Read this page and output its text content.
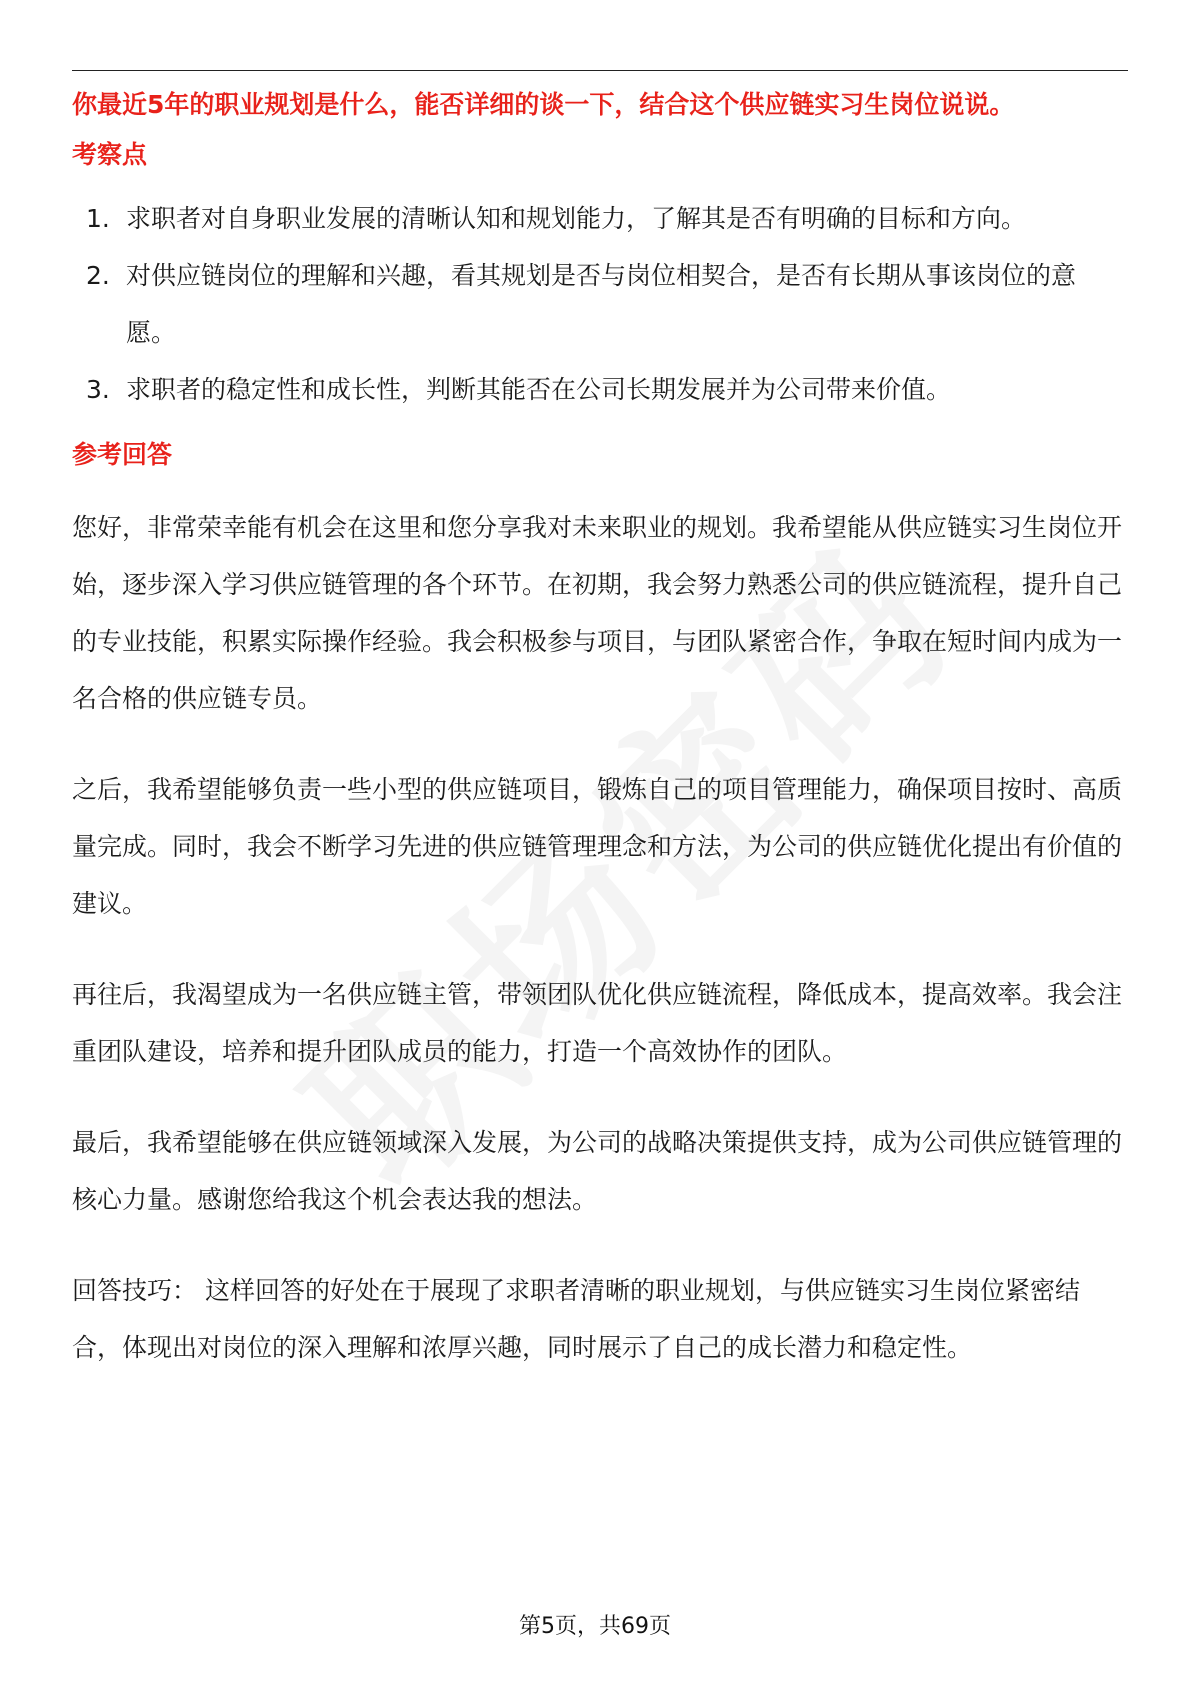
你最近5年的职业规划是什么，能否详细的谈一下，结合这个供应链实习生岗位说说。

考察点
1. 求职者对自身职业发展的清晰认知和规划能力，了解其是否有明确的目标和方向。
2. 对供应链岗位的理解和兴趣，看其规划是否与岗位相契合，是否有长期从事该岗位的意愿。
3. 求职者的稳定性和成长性，判断其能否在公司长期发展并为公司带来价值。
参考回答

您好，非常荣幸能有机会在这里和您分享我对未来职业的规划。我希望能从供应链实习生岗位开始，逐步深入学习供应链管理的各个环节。在初期，我会努力熟悉公司的供应链流程，提升自己的专业技能，积累实际操作经验。我会积极参与项目，与团队紧密合作，争取在短时间内成为一名合格的供应链专员。

之后，我希望能够负责一些小型的供应链项目，锻炼自己的项目管理能力，确保项目按时、高质量完成。同时，我会不断学习先进的供应链管理理念和方法，为公司的供应链优化提出有价值的建议。

再往后，我渴望成为一名供应链主管，带领团队优化供应链流程，降低成本，提高效率。我会注重团队建设，培养和提升团队成员的能力，打造一个高效协作的团队。

最后，我希望能够在供应链领域深入发展，为公司的战略决策提供支持，成为公司供应链管理的核心力量。感谢您给我这个机会表达我的想法。

回答技巧： 这样回答的好处在于展现了求职者清晰的职业规划，与供应链实习生岗位紧密结合，体现出对岗位的深入理解和浓厚兴趣，同时展示了自己的成长潜力和稳定性。

第5页，共69页
